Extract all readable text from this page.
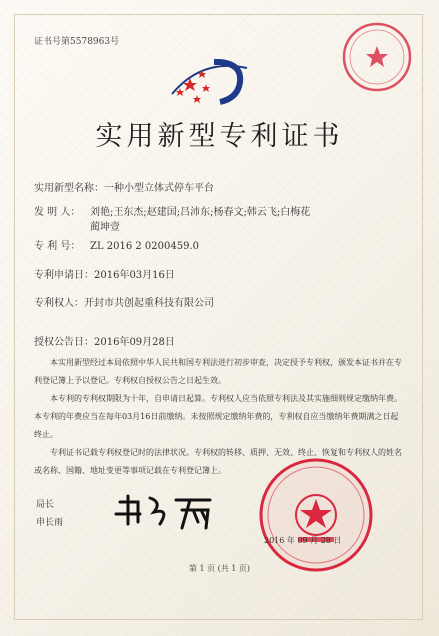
证书号第5578963号
实用新型专利证书
实用新型名称：一种小型立体式停车平台
发 明 人： 刘艳;王东杰;赵建国;吕沛东;杨春文;韩云飞;白梅花
蔺坤壹
专 利 号： ZL 2016 2 0200459.0
专利申请日：2016年03月16日
专利权人：开封市共创起重科技有限公司
授权公告日：2016年09月28日
本实用新型经过本局依照中华人民共和国专利法进行初步审查，决定授予专利权，颁发本证书并在专利登记簿上予以登记。专利权自授权公告之日起生效。
本专利的专利权期限为十年，自申请日起算。专利权人应当依照专利法及其实施细则规定缴纳年费。本专利的年费应当在每年03月16日前缴纳。未按照规定缴纳年费的，专利权自应当缴纳年费期满之日起终止。
专利证书记载专利权登记时的法律状况。专利权的转移、质押、无效、终止、恢复和专利权人的姓名或名称、国籍、地址变更等事项记载在专利登记簿上。
2016 年 09 月 28 日
局长
申长雨
第 1 页 (共 1 页)
